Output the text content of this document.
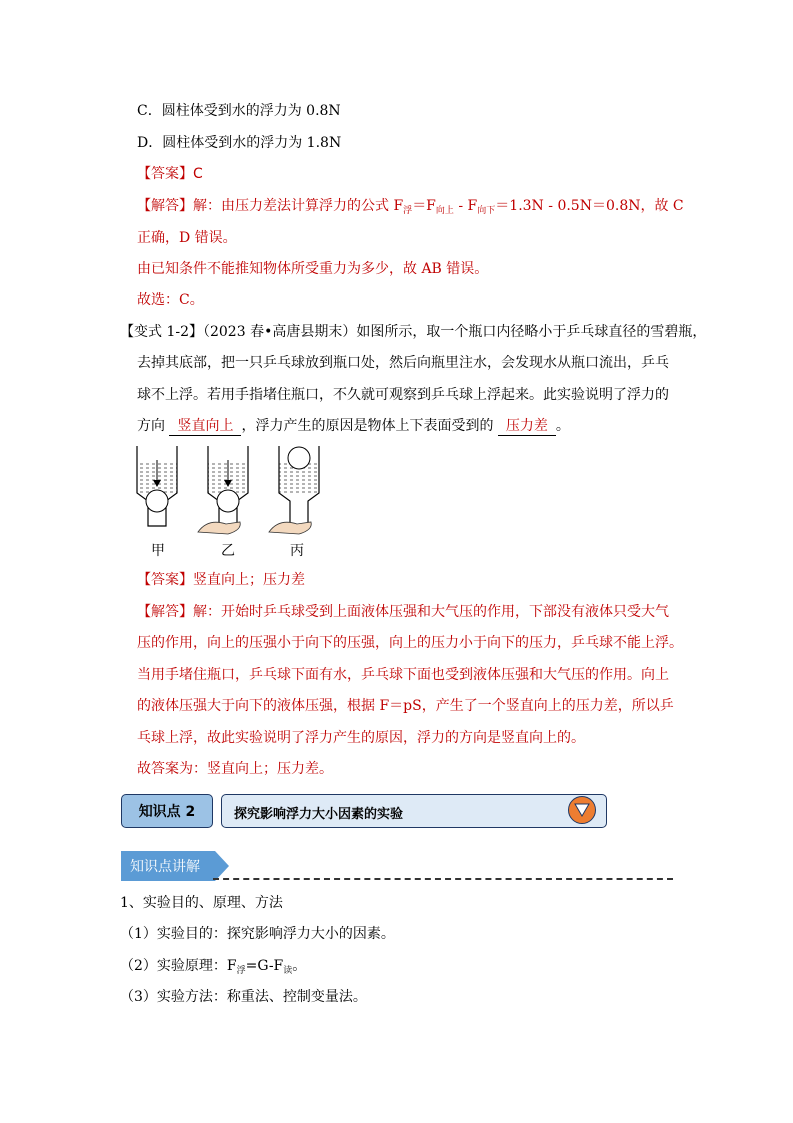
C．圆柱体受到水的浮力为 0.8N
D．圆柱体受到水的浮力为 1.8N
【答案】C
【解答】解：由压力差法计算浮力的公式 $F_浮=F_{向上} - F_{向下}=1.3N - 0.5N=0.8N$，故 C
正确，D 错误。
由已知条件不能推知物体所受重力为多少，故 AB 错误。
故选：C。
【变式 1-2】（2023 春•高唐县期末）如图所示，取一个瓶口内径略小于乒乓球直径的雪碧瓶，
去掉其底部，把一只乒乓球放到瓶口处，然后向瓶里注水，会发现水从瓶口流出，乒乓
球不上浮。若用手指堵住瓶口，不久就可观察到乒乓球上浮起来。此实验说明了浮力的
方向 竖直向上 ，浮力产生的原因是物体上下表面受到的 压力差 。
甲	乙	丙
【答案】竖直向上；压力差
【解答】解：开始时乒乓球受到上面液体压强和大气压的作用，下部没有液体只受大气
压的作用，向上的压强小于向下的压强，向上的压力小于向下的压力，乒乓球不能上浮。
当用手堵住瓶口，乒乓球下面有水，乒乓球下面也受到液体压强和大气压的作用。向上
的液体压强大于向下的液体压强，根据 F＝pS，产生了一个竖直向上的压力差，所以乒
乓球上浮，故此实验说明了浮力产生的原因，浮力的方向是竖直向上的。
故答案为：竖直向上；压力差。
知识点 2	探究影响浮力大小因素的实验
知识点讲解
1、实验目的、原理、方法
（1）实验目的：探究影响浮力大小的因素。
（2）实验原理：$F_浮=G-F_读$。
（3）实验方法：称重法、控制变量法。
